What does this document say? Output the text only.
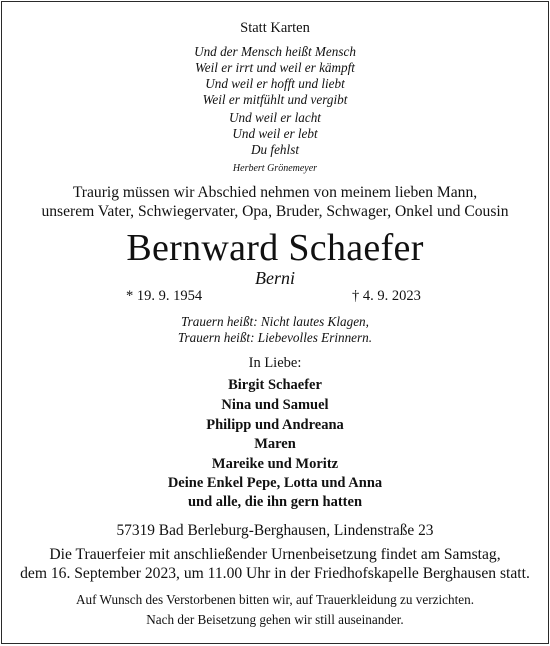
Statt Karten
Und der Mensch heißt Mensch
Weil er irrt und weil er kämpft
Und weil er hofft und liebt
Weil er mitfühlt und vergibt
Und weil er lacht
Und weil er lebt
Du fehlst
Herbert Grönemeyer
Traurig müssen wir Abschied nehmen von meinem lieben Mann,
unserem Vater, Schwiegervater, Opa, Bruder, Schwager, Onkel und Cousin
Bernward Schaefer
Berni
* 19. 9. 1954	† 4. 9. 2023
Trauern heißt: Nicht lautes Klagen,
Trauern heißt: Liebevolles Erinnern.
In Liebe:
Birgit Schaefer
Nina und Samuel
Philipp und Andreana
Maren
Mareike und Moritz
Deine Enkel Pepe, Lotta und Anna
und alle, die ihn gern hatten
57319 Bad Berleburg-Berghausen, Lindenstraße 23
Die Trauerfeier mit anschließender Urnenbeisetzung findet am Samstag,
dem 16. September 2023, um 11.00 Uhr in der Friedhofskapelle Berghausen statt.
Auf Wunsch des Verstorbenen bitten wir, auf Trauerkleidung zu verzichten.
Nach der Beisetzung gehen wir still auseinander.
